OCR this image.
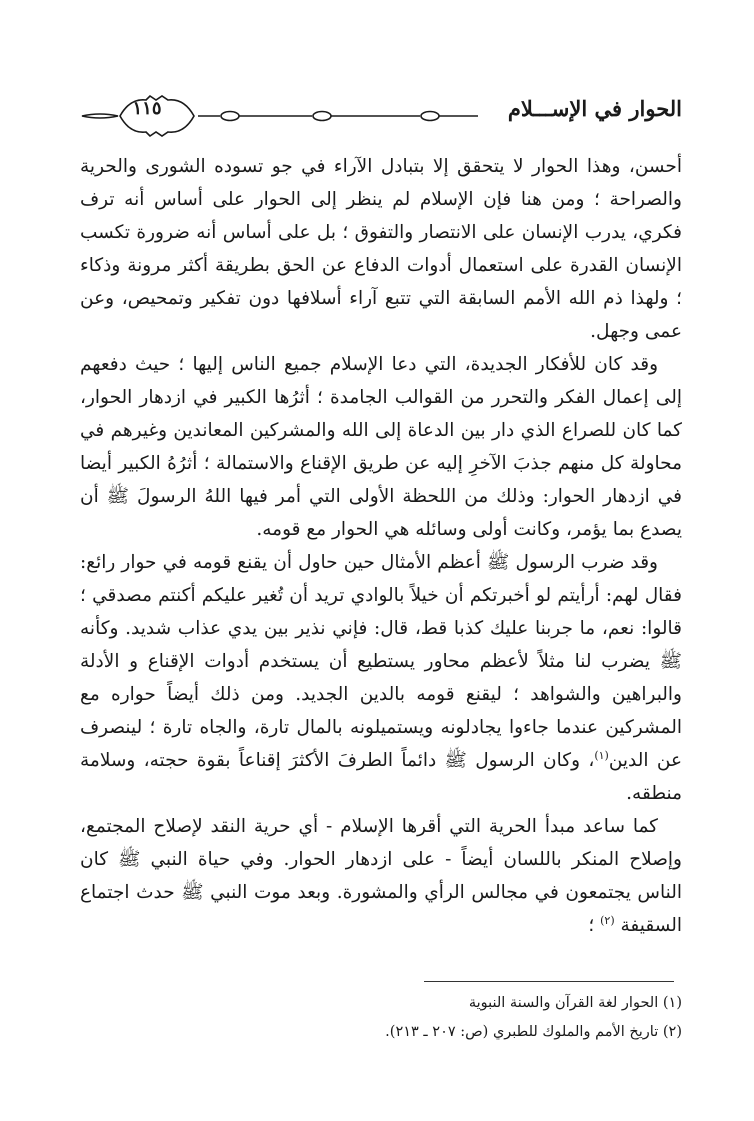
١١٥	الحوار في الإســـلام

أحسن، وهذا الحوار لا يتحقق إلا بتبادل الآراء في جو تسوده الشورى والحرية والصراحة ؛ ومن هنا فإن الإسلام لم ينظر إلى الحوار على أساس أنه ترف فكري، يدرب الإنسان على الانتصار والتفوق ؛ بل على أساس أنه ضرورة تكسب الإنسان القدرة على استعمال أدوات الدفاع عن الحق بطريقة أكثر مرونة وذكاء ؛ ولهذا ذم الله الأمم السابقة التي تتبع آراء أسلافها دون تفكير وتمحيص، وعن عمى وجهل.

وقد كان للأفكار الجديدة، التي دعا الإسلام جميع الناس إليها ؛ حيث دفعهم إلى إعمال الفكر والتحرر من القوالب الجامدة ؛ أثرُها الكبير في ازدهار الحوار، كما كان للصراع الذي دار بين الدعاة إلى الله والمشركين المعاندين وغيرهم في محاولة كل منهم جذبَ الآخرِ إليه عن طريق الإقناع والاستمالة ؛ أثرُهُ الكبير أيضا في ازدهار الحوار: وذلك من اللحظة الأولى التي أمر فيها اللهُ الرسولَ ﷺ أن يصدع بما يؤمر، وكانت أولى وسائله هي الحوار مع قومه.

وقد ضرب الرسول ﷺ أعظم الأمثال حين حاول أن يقنع قومه في حوار رائع: فقال لهم: أرأيتم لو أخبرتكم أن خيلاً بالوادي تريد أن تُغير عليكم أكنتم مصدقي ؛ قالوا: نعم، ما جربنا عليك كذبا قط، قال: فإني نذير بين يدي عذاب شديد. وكأنه ﷺ يضرب لنا مثلاً لأعظم محاور يستطيع أن يستخدم أدوات الإقناع و الأدلة والبراهين والشواهد ؛ ليقنع قومه بالدين الجديد. ومن ذلك أيضاً حواره مع المشركين عندما جاءوا يجادلونه ويستميلونه بالمال تارة، والجاه تارة ؛ لينصرف عن الدين$^{(١)}$، وكان الرسول ﷺ دائماً الطرفَ الأكثرَ إقناعاً بقوة حجته، وسلامة منطقه.

كما ساعد مبدأ الحرية التي أقرها الإسلام - أي حرية النقد لإصلاح المجتمع، وإصلاح المنكر باللسان أيضاً - على ازدهار الحوار. وفي حياة النبي ﷺ كان الناس يجتمعون في مجالس الرأي والمشورة. وبعد موت النبي ﷺ حدث اجتماع السقيفة $^{(٢)}$ ؛

(١) الحوار لغة القرآن والسنة النبوية
(٢) تاريخ الأمم والملوك للطبري (ص: ٢٠٧ ـ ٢١٣).
